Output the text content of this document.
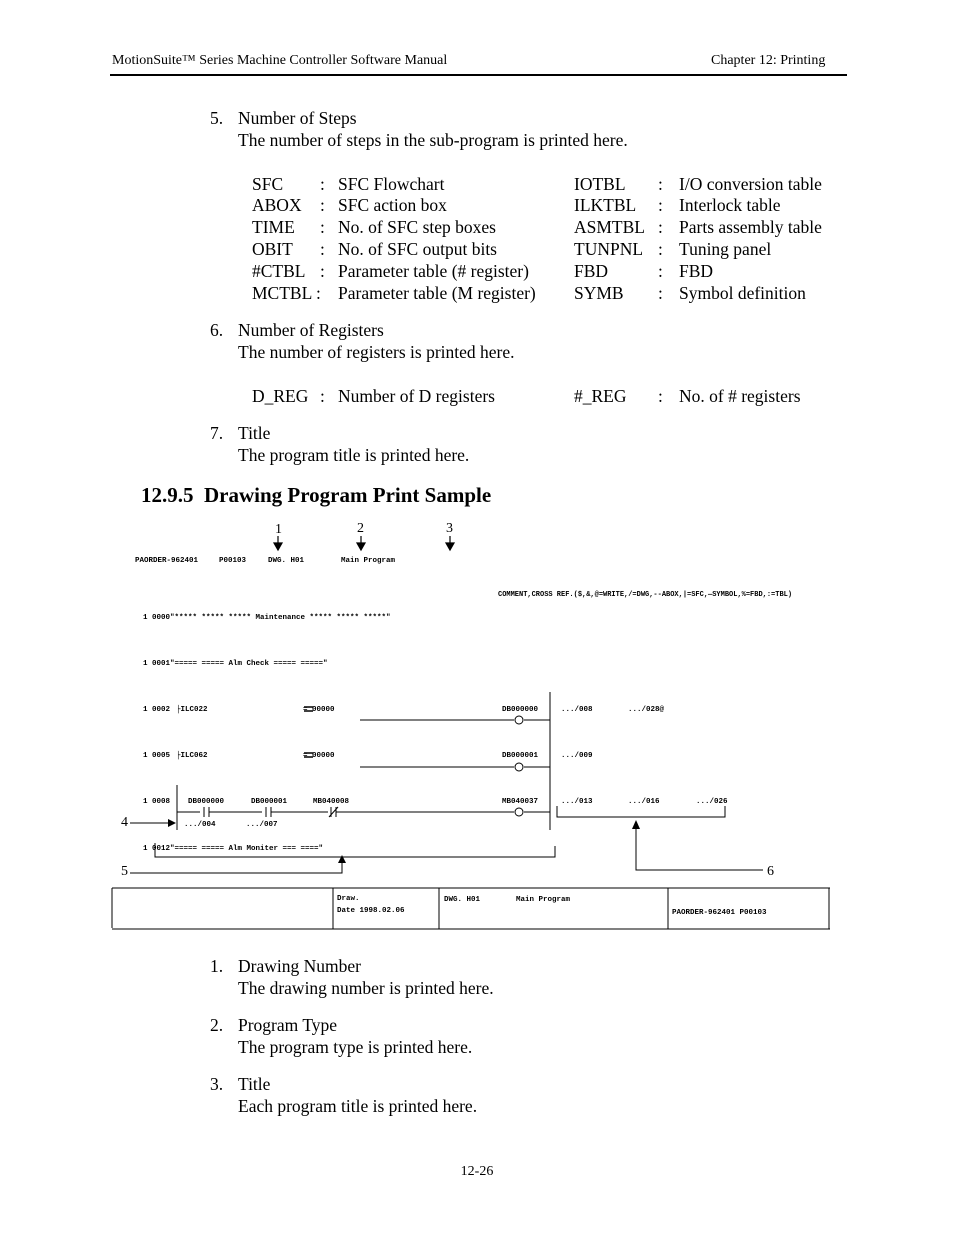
MotionSuite™ Series Machine Controller Software Manual	Chapter 12: Printing
5. Number of Steps
The number of steps in the sub-program is printed here.
SFC : SFC Flowchart	IOTBL : I/O conversion table
ABOX : SFC action box	ILKTBL : Interlock table
TIME : No. of SFC step boxes	ASMTBL : Parts assembly table
OBIT : No. of SFC output bits	TUNPNL : Tuning panel
#CTBL : Parameter table (# register)	FBD	: FBD
MCTBL : Parameter table (M register) SYMB : Symbol definition
6. Number of Registers
The number of registers is printed here.
D_REG : Number of D registers	#_REG : No. of # registers
7. Title
The program title is printed here.
12.9.5 Drawing Program Print Sample
1	2	3
PAORDER-962401	P00103	DWG. H01	Main Program
COMMENT,CROSS REF.($,&,@=WRITE,/=DWG,--ABOX,|=SFC,—SYMBOL,%=FBD,:=TBL)
1 0000"***** ***** ***** Maintenance ***** ***** *****"
1 0001"===== ===== Alm Check ===== ====="
1 0002 ├ILC022	= 00000	DB000000	.../008	.../028@
1 0005 ├ILC062	= 00000	DB000001	.../009
1 0008 DB000000	DB000001	MB040008	MB040037	.../013	.../016	.../026
.../004	.../007
1 0012"===== ===== Alm Moniter === ===="
4
5	6
Draw.
Date 1998.02.06
DWG. H01	Main Program
PAORDER-962401 P00103
1. Drawing Number
The drawing number is printed here.
2. Program Type
The program type is printed here.
3. Title
Each program title is printed here.
12-26
